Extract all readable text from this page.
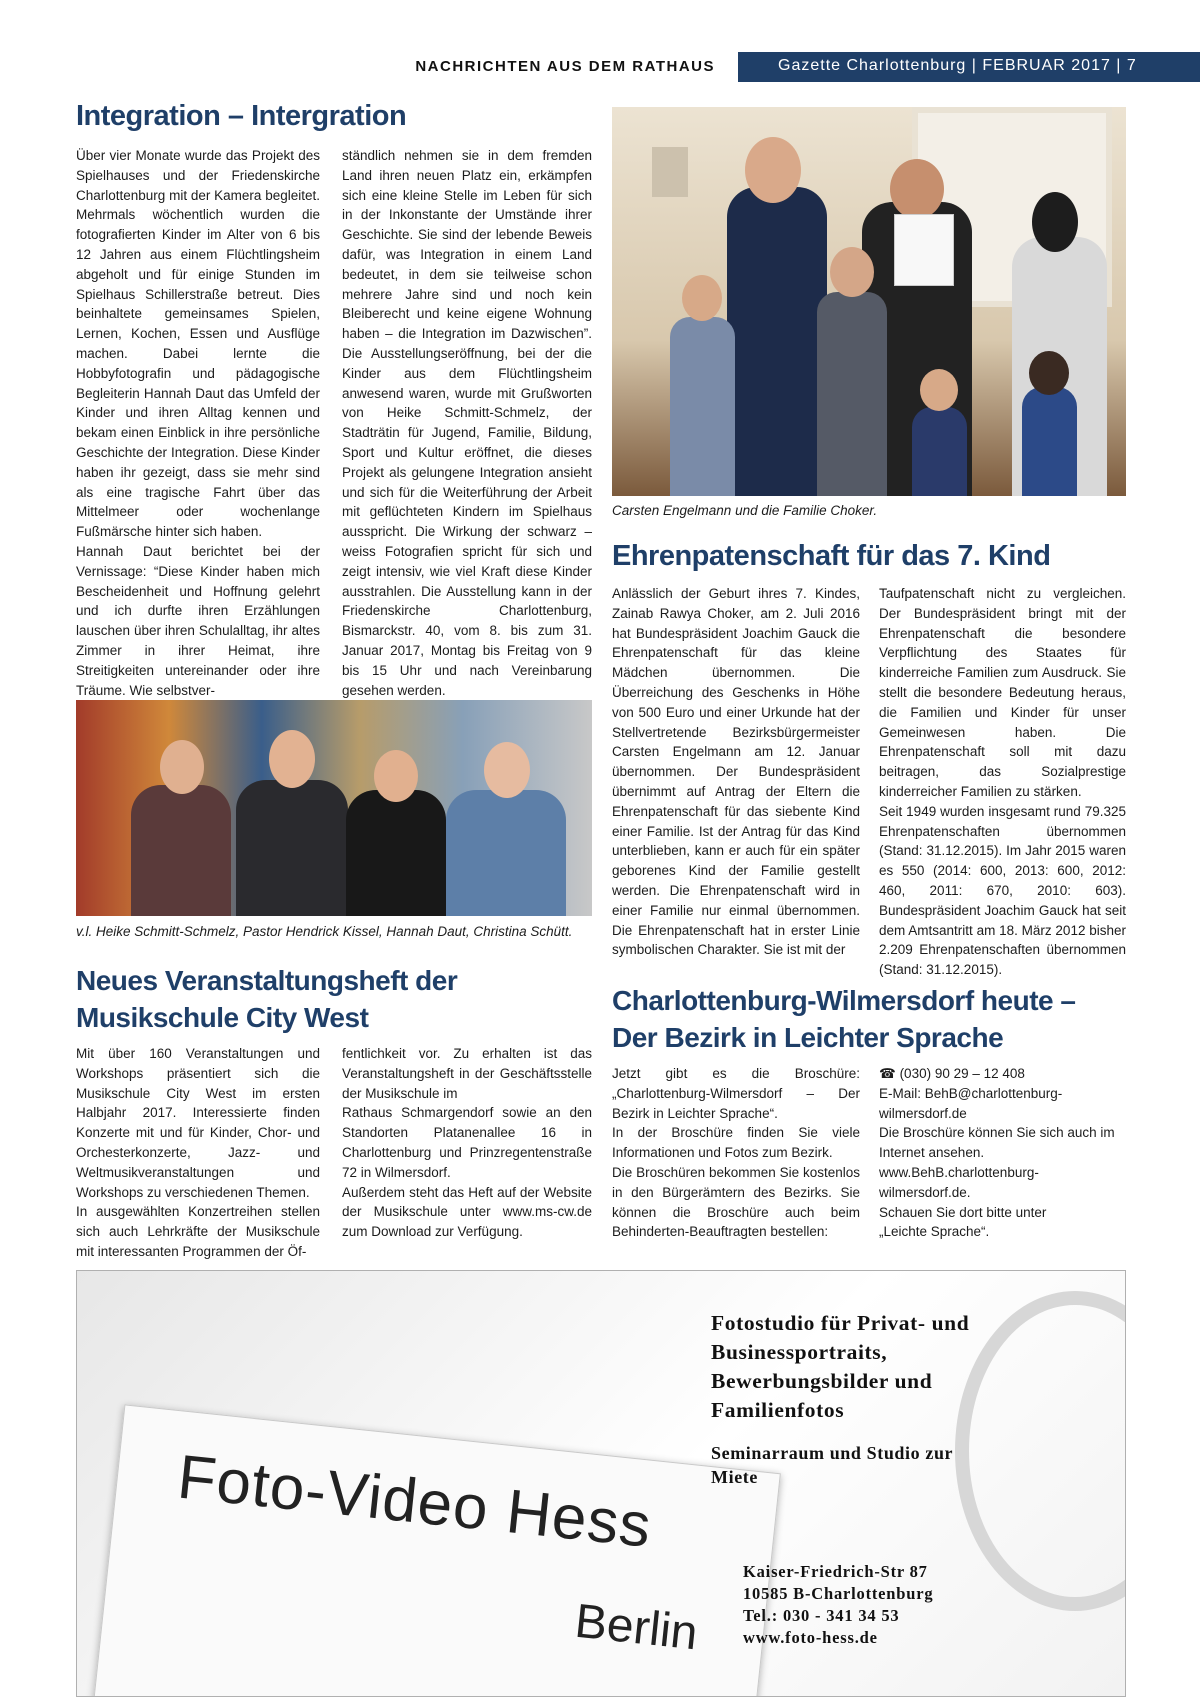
NACHRICHTEN AUS DEM RATHAUS	Gazette Charlottenburg | FEBRUAR 2017 | 7
Integration – Intergration
Über vier Monate wurde das Projekt des Spielhauses und der Friedenskirche Charlottenburg mit der Kamera begleitet. Mehrmals wöchentlich wurden die fotografierten Kinder im Alter von 6 bis 12 Jahren aus einem Flüchtlingsheim abgeholt und für einige Stunden im Spielhaus Schillerstraße betreut. Dies beinhaltete gemeinsames Spielen, Lernen, Kochen, Essen und Ausflüge machen. Dabei lernte die Hobbyfotografin und pädagogische Begleiterin Hannah Daut das Umfeld der Kinder und ihren Alltag kennen und bekam einen Einblick in ihre persönliche Geschichte der Integration. Diese Kinder haben ihr gezeigt, dass sie mehr sind als eine tragische Fahrt über das Mittelmeer oder wochenlange Fußmärsche hinter sich haben.
Hannah Daut berichtet bei der Vernissage: “Diese Kinder haben mich Bescheidenheit und Hoffnung gelehrt und ich durfte ihren Erzählungen lauschen über ihren Schulalltag, ihr altes Zimmer in ihrer Heimat, ihre Streitigkeiten untereinander oder ihre Träume. Wie selbstver-
ständlich nehmen sie in dem fremden Land ihren neuen Platz ein, erkämpfen sich eine kleine Stelle im Leben für sich in der Inkonstante der Umstände ihrer Geschichte. Sie sind der lebende Beweis dafür, was Integration in einem Land bedeutet, in dem sie teilweise schon mehrere Jahre sind und noch kein Bleiberecht und keine eigene Wohnung haben – die Integration im Dazwischen”. Die Ausstellungseröffnung, bei der die Kinder aus dem Flüchtlingsheim anwesend waren, wurde mit Grußworten von Heike Schmitt-Schmelz, der Stadträtin für Jugend, Familie, Bildung, Sport und Kultur eröffnet, die dieses Projekt als gelungene Integration ansieht und sich für die Weiterführung der Arbeit mit geflüchteten Kindern im Spielhaus ausspricht. Die Wirkung der schwarz – weiss Fotografien spricht für sich und zeigt intensiv, wie viel Kraft diese Kinder ausstrahlen. Die Ausstellung kann in der Friedenskirche Charlottenburg, Bismarckstr. 40, vom 8. bis zum 31. Januar 2017, Montag bis Freitag von 9 bis 15 Uhr und nach Vereinbarung gesehen werden.
Carsten Engelmann und die Familie Choker.
Ehrenpatenschaft für das 7. Kind
Anlässlich der Geburt ihres 7. Kindes, Zainab Rawya Choker, am 2. Juli 2016 hat Bundespräsident Joachim Gauck die Ehrenpatenschaft für das kleine Mädchen übernommen. Die Überreichung des Geschenks in Höhe von 500 Euro und einer Urkunde hat der Stellvertretende Bezirksbürgermeister Carsten Engelmann am 12. Januar übernommen. Der Bundespräsident übernimmt auf Antrag der Eltern die Ehrenpatenschaft für das siebente Kind einer Familie. Ist der Antrag für das Kind unterblieben, kann er auch für ein später geborenes Kind der Familie gestellt werden. Die Ehrenpatenschaft wird in einer Familie nur einmal übernommen. Die Ehrenpatenschaft hat in erster Linie symbolischen Charakter. Sie ist mit der
Taufpatenschaft nicht zu vergleichen. Der Bundespräsident bringt mit der Ehrenpatenschaft die besondere Verpflichtung des Staates für kinderreiche Familien zum Ausdruck. Sie stellt die besondere Bedeutung heraus, die Familien und Kinder für unser Gemeinwesen haben. Die Ehrenpatenschaft soll mit dazu beitragen, das Sozialprestige kinderreicher Familien zu stärken.
Seit 1949 wurden insgesamt rund 79.325 Ehrenpatenschaften übernommen (Stand: 31.12.2015). Im Jahr 2015 waren es 550 (2014: 600, 2013: 600, 2012: 460, 2011: 670, 2010: 603). Bundespräsident Joachim Gauck hat seit dem Amtsantritt am 18. März 2012 bisher 2.209 Ehrenpatenschaften übernommen (Stand: 31.12.2015).
v.l. Heike Schmitt-Schmelz, Pastor Hendrick Kissel, Hannah Daut, Christina Schütt.
Neues Veranstaltungsheft der Musikschule City West
Mit über 160 Veranstaltungen und Workshops präsentiert sich die Musikschule City West im ersten Halbjahr 2017. Interessierte finden Konzerte mit und für Kinder, Chor- und Orchesterkonzerte, Jazz- und Weltmusikveranstaltungen und Workshops zu verschiedenen Themen.
In ausgewählten Konzertreihen stellen sich auch Lehrkräfte der Musikschule mit interessanten Programmen der Öf-
fentlichkeit vor. Zu erhalten ist das Veranstaltungsheft in der Geschäftsstelle der Musikschule im
Rathaus Schmargendorf sowie an den Standorten Platanenallee 16 in Charlottenburg und Prinzregentenstraße 72 in Wilmersdorf.
Außerdem steht das Heft auf der Website der Musikschule unter www.ms-cw.de zum Download zur Verfügung.
Charlottenburg-Wilmersdorf heute – Der Bezirk in Leichter Sprache
Jetzt gibt es die Broschüre: „Charlottenburg-Wilmersdorf – Der Bezirk in Leichter Sprache“.
In der Broschüre finden Sie viele Informationen und Fotos zum Bezirk.
Die Broschüren bekommen Sie kostenlos in den Bürgerämtern des Bezirks. Sie können die Broschüre auch beim Behinderten-Beauftragten bestellen:
☎ (030) 90 29 – 12 408
E-Mail: BehB@charlottenburg-
wilmersdorf.de
Die Broschüre können Sie sich auch im Internet ansehen.
www.BehB.charlottenburg-
wilmersdorf.de.
Schauen Sie dort bitte unter
„Leichte Sprache“.
Foto-Video Hess
Berlin
Fotostudio für Privat- und
Businessportraits,
Bewerbungsbilder und
Familienfotos
Seminarraum und Studio zur
Miete
Kaiser-Friedrich-Str 87
10585 B-Charlottenburg
Tel.: 030 - 341 34 53
www.foto-hess.de
